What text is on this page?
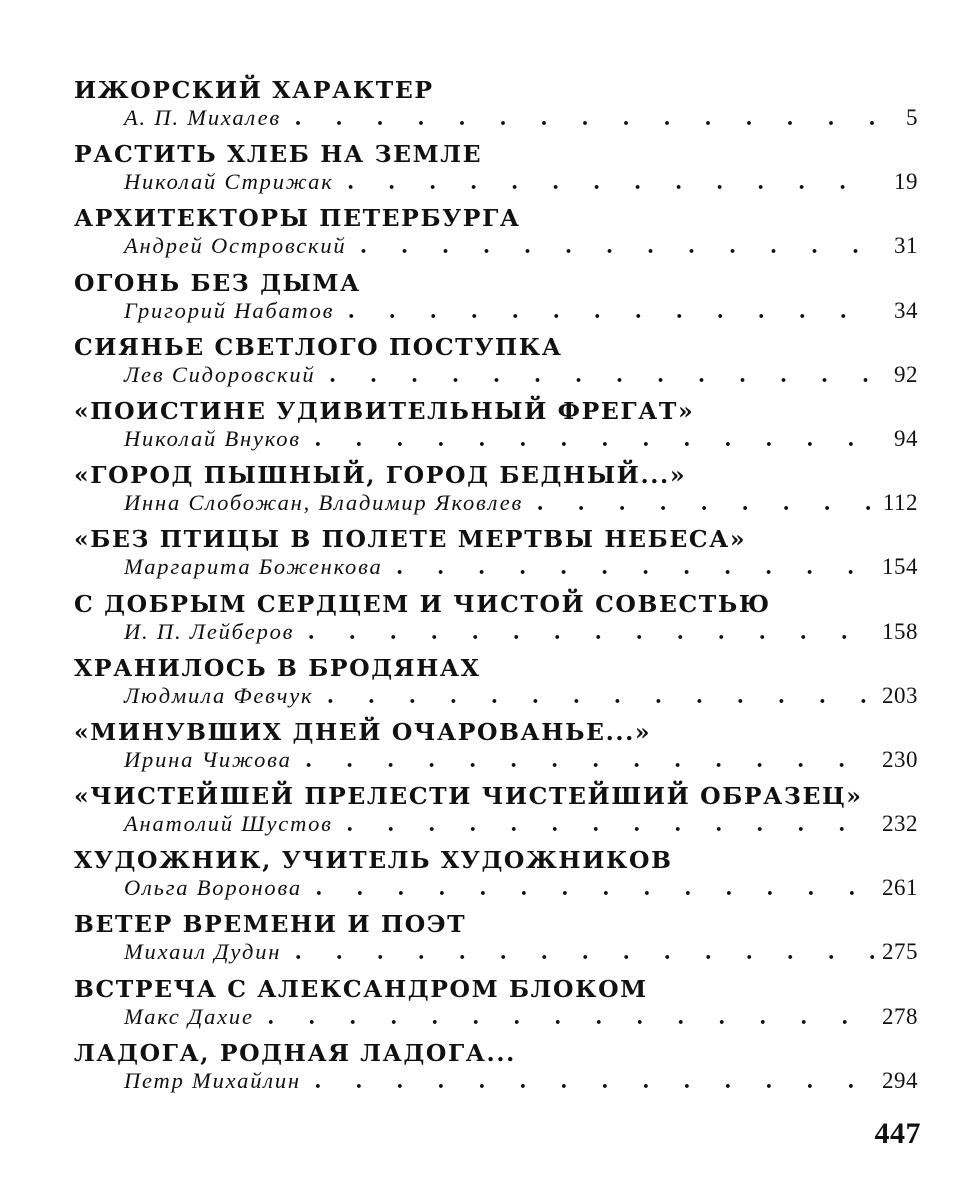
ИЖОРСКИЙ ХАРАКТЕР
А. П. Михалев . . .	5
РАСТИТЬ ХЛЕБ НА ЗЕМЛЕ
Николай Стрижак . . .	19
АРХИТЕКТОРЫ ПЕТЕРБУРГА
Андрей Островский . . .	31
ОГОНЬ БЕЗ ДЫМА
Григорий Набатов . . .	34
СИЯНЬЕ СВЕТЛОГО ПОСТУПКА
Лев Сидоровский . . .	92
«ПОИСТИНЕ УДИВИТЕЛЬНЫЙ ФРЕГАТ»
Николай Внуков . . .	94
«ГОРОД ПЫШНЫЙ, ГОРОД БЕДНЫЙ...»
Инна Слобожан, Владимир Яковлев . . .	112
«БЕЗ ПТИЦЫ В ПОЛЕТЕ МЕРТВЫ НЕБЕСА»
Маргарита Боженкова . . .	154
С ДОБРЫМ СЕРДЦЕМ И ЧИСТОЙ СОВЕСТЬЮ
И. П. Лейберов . . .	158
ХРАНИЛОСЬ В БРОДЯНАХ
Людмила Февчук . . .	203
«МИНУВШИХ ДНЕЙ ОЧАРОВАНЬЕ...»
Ирина Чижова . . .	230
«ЧИСТЕЙШЕЙ ПРЕЛЕСТИ ЧИСТЕЙШИЙ ОБРАЗЕЦ»
Анатолий Шустов . . .	232
ХУДОЖНИК, УЧИТЕЛЬ ХУДОЖНИКОВ
Ольга Воронова . . .	261
ВЕТЕР ВРЕМЕНИ И ПОЭТ
Михаил Дудин . . .	275
ВСТРЕЧА С АЛЕКСАНДРОМ БЛОКОМ
Макс Дахие . . .	278
ЛАДОГА, РОДНАЯ ЛАДОГА...
Петр Михайлин . . .	294
447
